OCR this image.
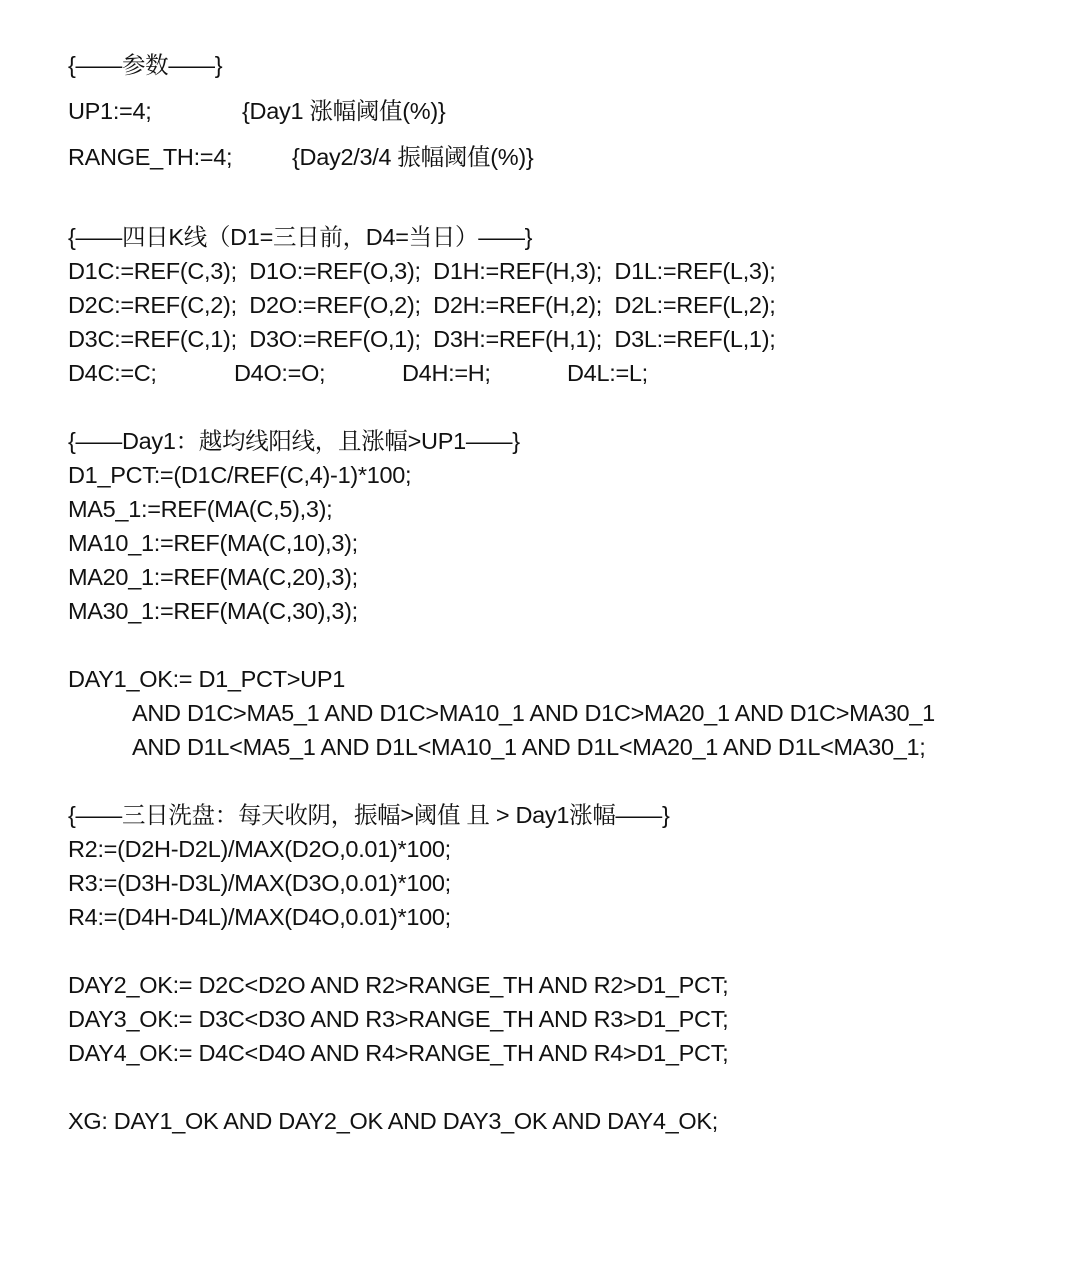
{——参数——}
UP1:=4;	{Day1 涨幅阈值(%)}
RANGE_TH:=4;	{Day2/3/4 振幅阈值(%)}
{——四日K线（D1=三日前，D4=当日）——}
D1C:=REF(C,3);  D1O:=REF(O,3);  D1H:=REF(H,3);  D1L:=REF(L,3);
D2C:=REF(C,2);  D2O:=REF(O,2);  D2H:=REF(H,2);  D2L:=REF(L,2);
D3C:=REF(C,1);  D3O:=REF(O,1);  D3H:=REF(H,1);  D3L:=REF(L,1);
D4C:=C;	D4O:=O;	D4H:=H;	D4L:=L;
{——Day1：越均线阳线，且涨幅>UP1——}
D1_PCT:=(D1C/REF(C,4)-1)*100;
MA5_1:=REF(MA(C,5),3);
MA10_1:=REF(MA(C,10),3);
MA20_1:=REF(MA(C,20),3);
MA30_1:=REF(MA(C,30),3);
DAY1_OK:= D1_PCT>UP1
AND D1C>MA5_1 AND D1C>MA10_1 AND D1C>MA20_1 AND D1C>MA30_1
AND D1L<MA5_1 AND D1L<MA10_1 AND D1L<MA20_1 AND D1L<MA30_1;
{——三日洗盘：每天收阴，振幅>阈值 且 > Day1涨幅——}
R2:=(D2H-D2L)/MAX(D2O,0.01)*100;
R3:=(D3H-D3L)/MAX(D3O,0.01)*100;
R4:=(D4H-D4L)/MAX(D4O,0.01)*100;
DAY2_OK:= D2C<D2O AND R2>RANGE_TH AND R2>D1_PCT;
DAY3_OK:= D3C<D3O AND R3>RANGE_TH AND R3>D1_PCT;
DAY4_OK:= D4C<D4O AND R4>RANGE_TH AND R4>D1_PCT;
XG: DAY1_OK AND DAY2_OK AND DAY3_OK AND DAY4_OK;
